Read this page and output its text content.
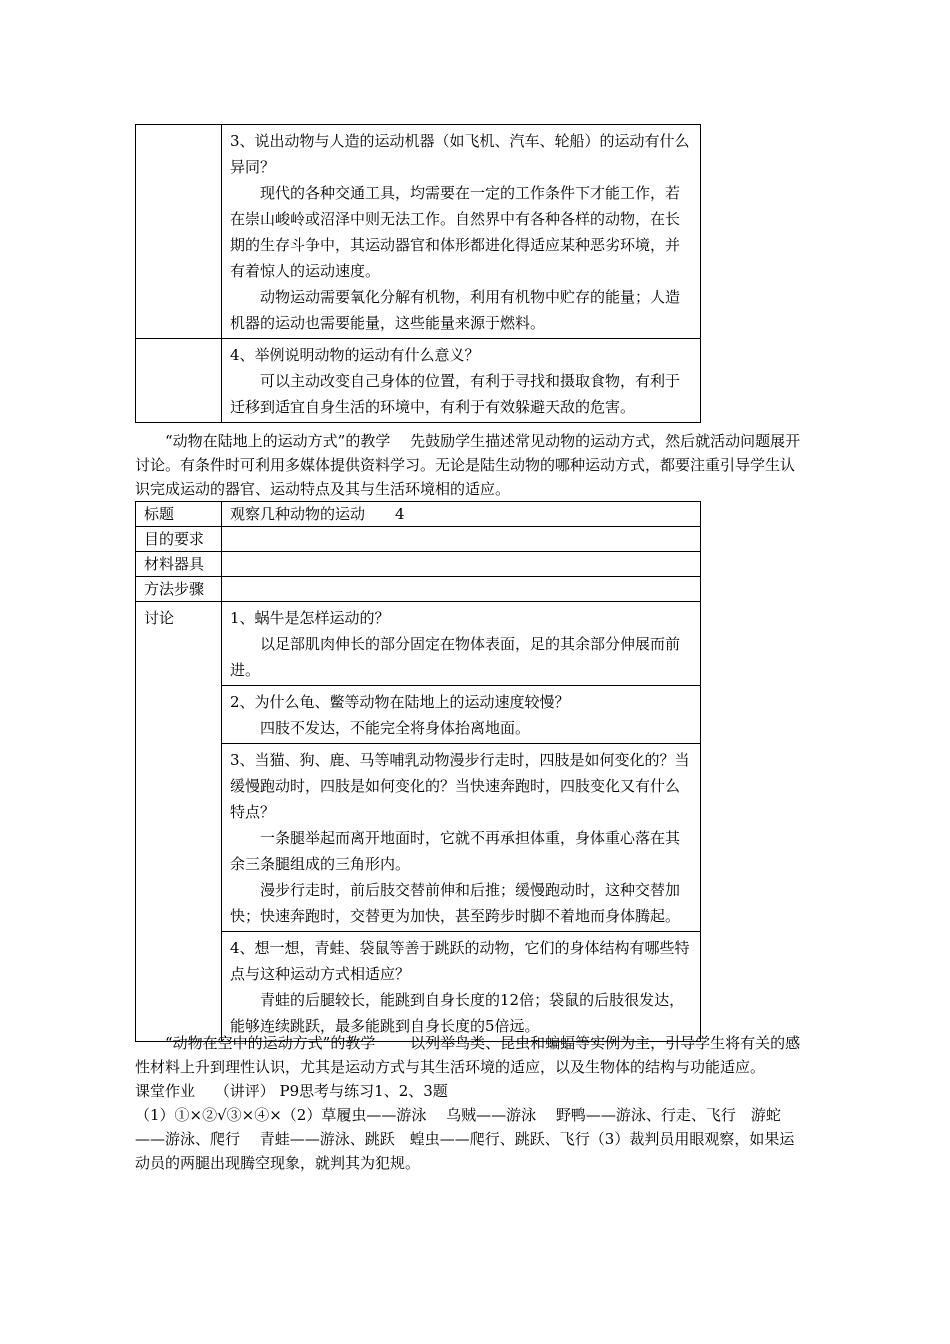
	3、说出动物与人造的运动机器（如飞机、汽车、轮船）的运动有什么异同？

现代的各种交通工具，均需要在一定的工作条件下才能工作，若在崇山峻岭或沼泽中则无法工作。自然界中有各种各样的动物，在长期的生存斗争中，其运动器官和体形都进化得适应某种恶劣环境，并有着惊人的运动速度。

动物运动需要氧化分解有机物，利用有机物中贮存的能量；人造机器的运动也需要能量，这些能量来源于燃料。

	4、举例说明动物的运动有什么意义？

可以主动改变自己身体的位置，有利于寻找和摄取食物，有利于迁移到适宜自身生活的环境中，有利于有效躲避天敌的危害。

“动物在陆地上的运动方式”的教学　 先鼓励学生描述常见动物的运动方式，然后就活动问题展开讨论。有条件时可利用多媒体提供资料学习。无论是陆生动物的哪种运动方式，都要注重引导学生认识完成运动的器官、运动特点及其与生活环境相的适应。

标题	观察几种动物的运动　　4
目的要求	
材料器具	
方法步骤	
讨论	1、蜗牛是怎样运动的？

以足部肌肉伸长的部分固定在物体表面，足的其余部分伸展而前进。

	2、为什么龟、鳖等动物在陆地上的运动速度较慢？

四肢不发达，不能完全将身体抬离地面。

	3、当猫、狗、鹿、马等哺乳动物漫步行走时，四肢是如何变化的？当缓慢跑动时，四肢是如何变化的？当快速奔跑时，四肢变化又有什么特点？

一条腿举起而离开地面时，它就不再承担体重，身体重心落在其余三条腿组成的三角形内。

漫步行走时，前后肢交替前伸和后推；缓慢跑动时，这种交替加快；快速奔跑时，交替更为加快，甚至跨步时脚不着地而身体腾起。

	4、想一想，青蛙、袋鼠等善于跳跃的动物，它们的身体结构有哪些特点与这种运动方式相适应？

青蛙的后腿较长，能跳到自身长度的12倍；袋鼠的后肢很发达，能够连续跳跃，最多能跳到自身长度的5倍远。

“动物在空中的运动方式”的教学　　 以列举鸟类、昆虫和蝙蝠等实例为主，引导学生将有关的感性材料上升到理性认识，尤其是运动方式与其生活环境的适应，以及生物体的结构与功能适应。

课堂作业　 （讲评） P9思考与练习1、2、3题

（1）①×②√③×④×（2）草履虫——游泳　 乌贼——游泳　 野鸭——游泳、行走、飞行　游蛇——游泳、爬行　 青蛙——游泳、跳跃　蝗虫——爬行、跳跃、飞行（3）裁判员用眼观察，如果运动员的两腿出现腾空现象，就判其为犯规。
